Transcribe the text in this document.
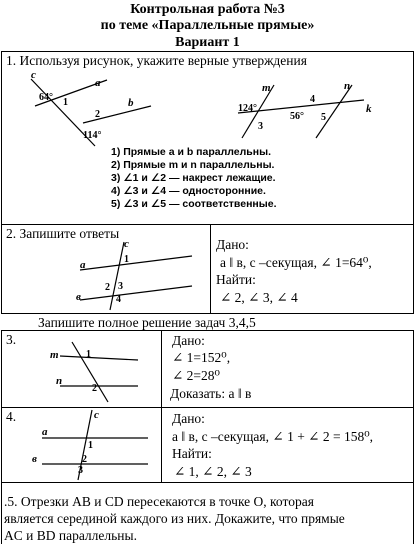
Контрольная работа №3
по теме «Параллельные прямые»
Вариант 1
1. Используя рисунок, укажите верные утверждения
c
a
b
64° 1
2
114°
m	n
k
124°
3
4
56° 5
1) Прямые a и b параллельны.
2) Прямые m и n параллельны.
3) ∠1 и ∠2 — накрест лежащие.
4) ∠3 и ∠4 — односторонние.
5) ∠3 и ∠5 — соответственные.
2. Запишите ответы
c
a
в
1
2 3
4
Дано:
a ‖ в, c –секущая, ∠ 1=64⁰,
Найти:
∠ 2, ∠ 3, ∠ 4
Запишите полное решение задач 3,4,5
3.
m
n
1
2
Дано:
∠ 1=152⁰,
∠ 2=28⁰
Доказать: a ‖ в
4.	c
a
в
1
2
3
Дано:
a ‖ в, c –секущая, ∠ 1 + ∠ 2 = 158⁰,
Найти:
∠ 1, ∠ 2, ∠ 3
.5. Отрезки AB и CD пересекаются в точке O, которая
является серединой каждого из них. Докажите, что прямые
AC и BD параллельны.
